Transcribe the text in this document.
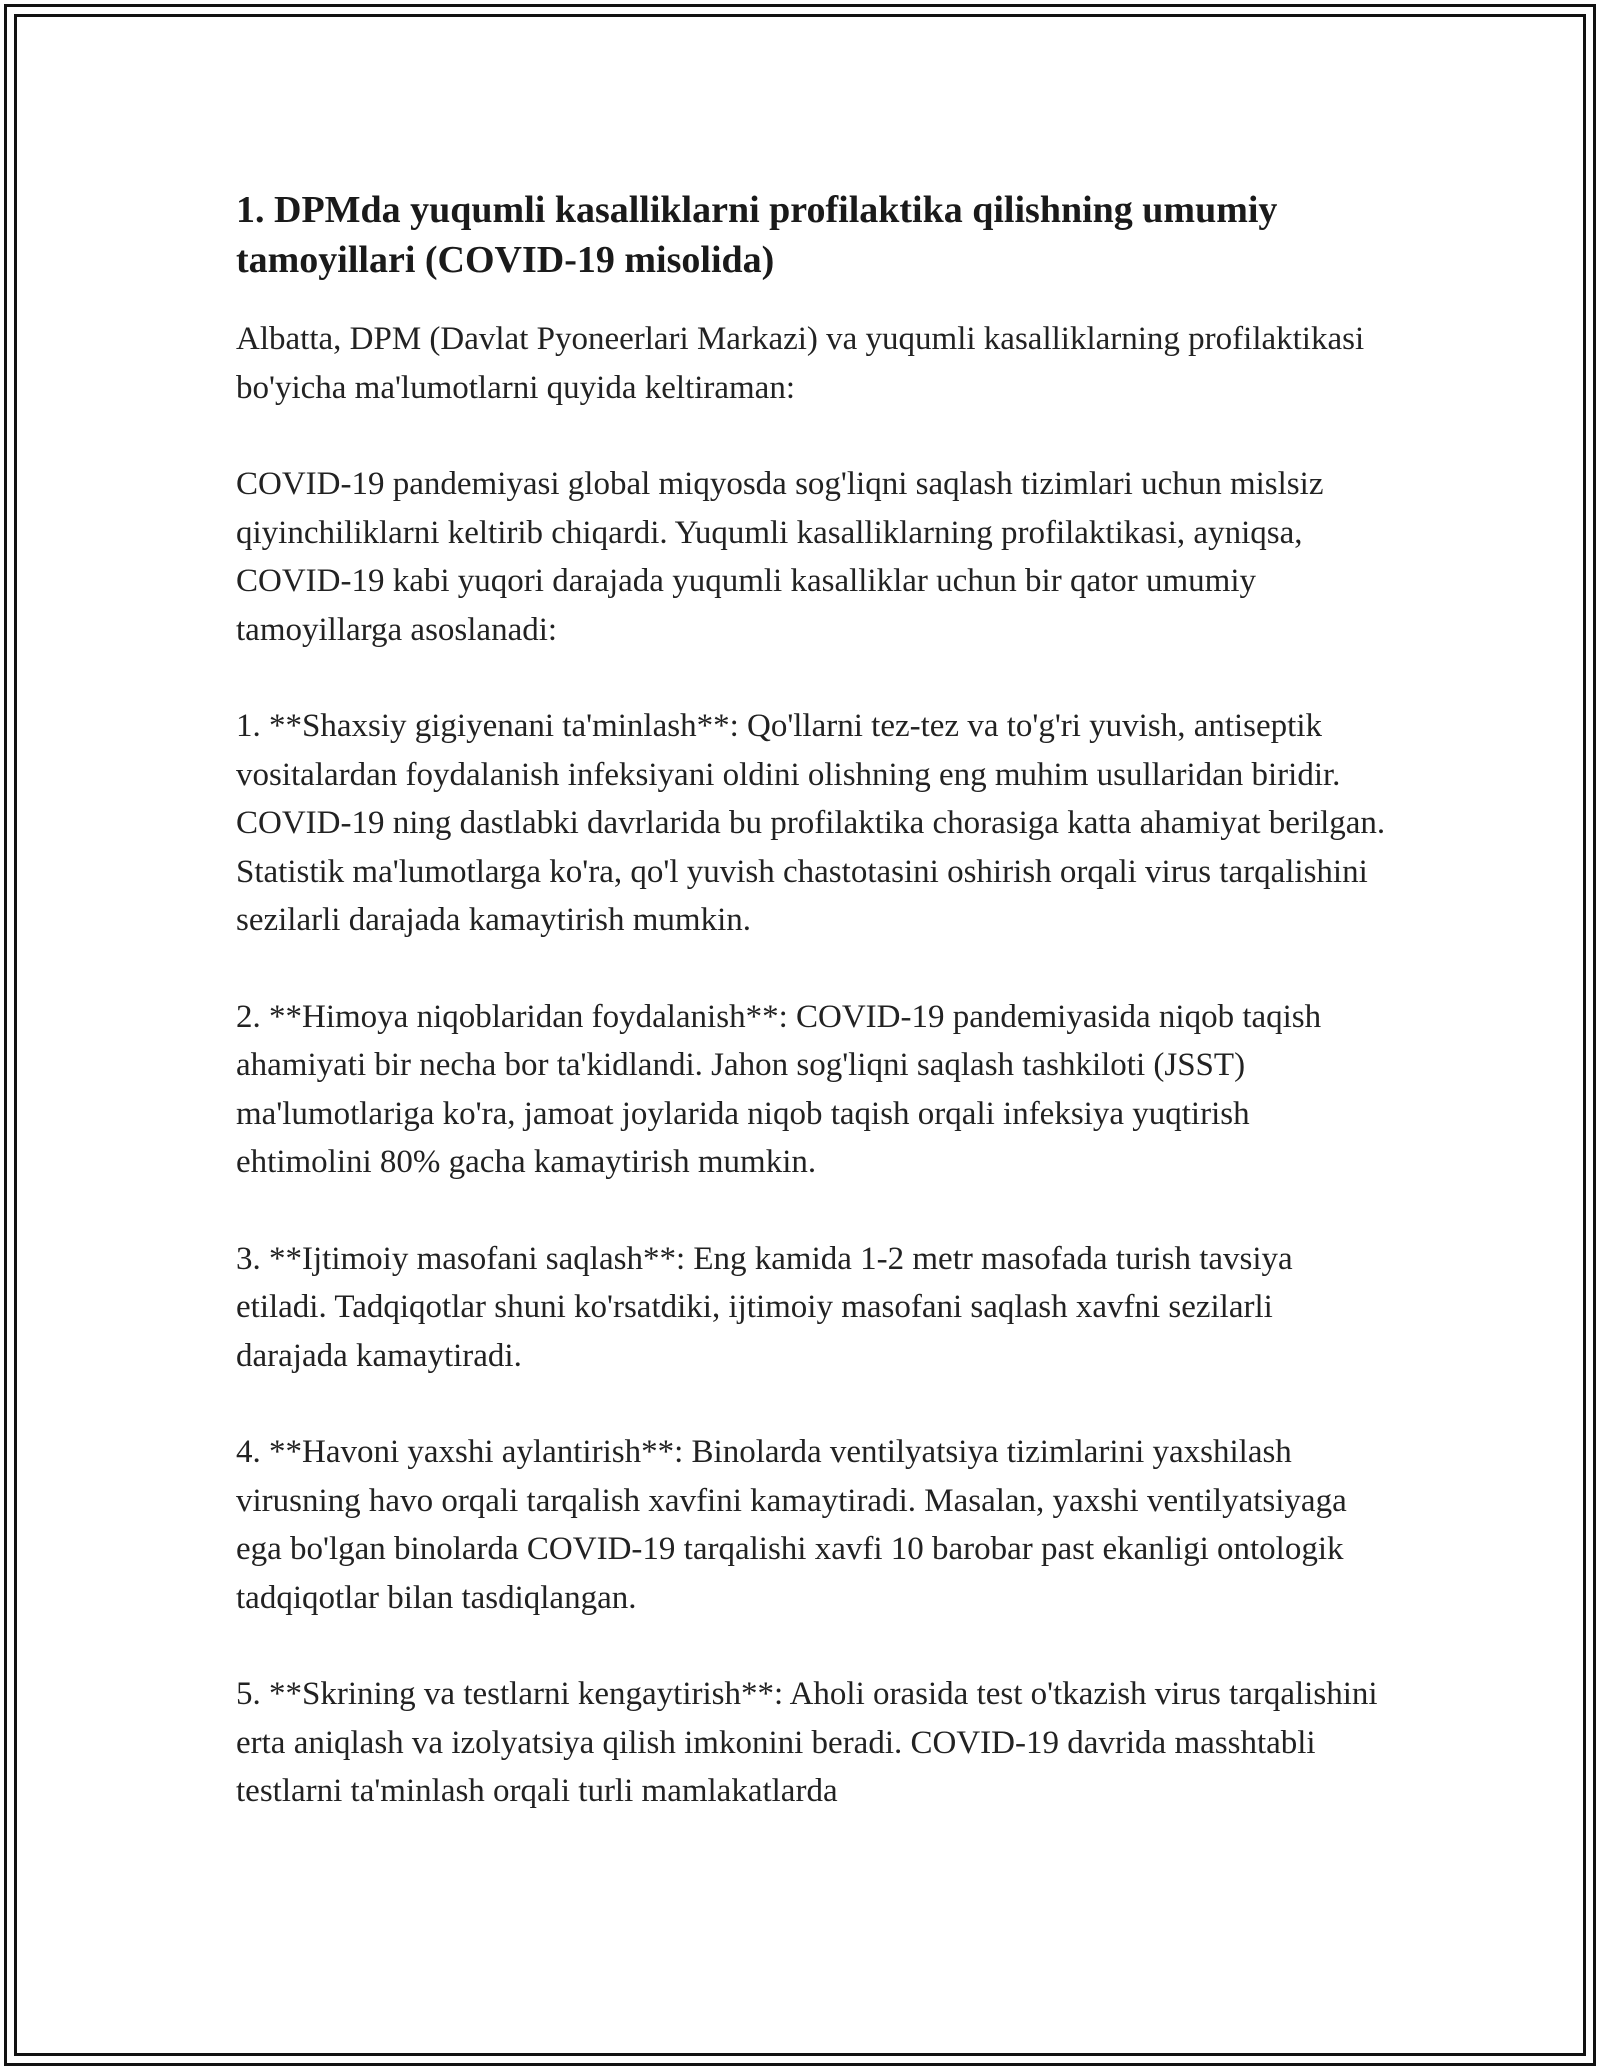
1. DPMda yuqumli kasalliklarni profilaktika qilishning umumiy tamoyillari (COVID-19 misolida)

Albatta, DPM (Davlat Pyoneerlari Markazi) va yuqumli kasalliklarning profilaktikasi bo'yicha ma'lumotlarni quyida keltiraman:

COVID-19 pandemiyasi global miqyosda sog'liqni saqlash tizimlari uchun mislsiz qiyinchiliklarni keltirib chiqardi. Yuqumli kasalliklarning profilaktikasi, ayniqsa, COVID-19 kabi yuqori darajada yuqumli kasalliklar uchun bir qator umumiy tamoyillarga asoslanadi:

1. **Shaxsiy gigiyenani ta'minlash**: Qo'llarni tez-tez va to'g'ri yuvish, antiseptik vositalardan foydalanish infeksiyani oldini olishning eng muhim usullaridan biridir. COVID-19 ning dastlabki davrlarida bu profilaktika chorasiga katta ahamiyat berilgan. Statistik ma'lumotlarga ko'ra, qo'l yuvish chastotasini oshirish orqali virus tarqalishini sezilarli darajada kamaytirish mumkin.

2. **Himoya niqoblaridan foydalanish**: COVID-19 pandemiyasida niqob taqish ahamiyati bir necha bor ta'kidlandi. Jahon sog'liqni saqlash tashkiloti (JSST) ma'lumotlariga ko'ra, jamoat joylarida niqob taqish orqali infeksiya yuqtirish ehtimolini 80% gacha kamaytirish mumkin.

3. **Ijtimoiy masofani saqlash**: Eng kamida 1-2 metr masofada turish tavsiya etiladi. Tadqiqotlar shuni ko'rsatdiki, ijtimoiy masofani saqlash xavfni sezilarli darajada kamaytiradi.

4. **Havoni yaxshi aylantirish**: Binolarda ventilyatsiya tizimlarini yaxshilash virusning havo orqali tarqalish xavfini kamaytiradi. Masalan, yaxshi ventilyatsiyaga ega bo'lgan binolarda COVID-19 tarqalishi xavfi 10 barobar past ekanligi ontologik tadqiqotlar bilan tasdiqlangan.

5. **Skrining va testlarni kengaytirish**: Aholi orasida test o'tkazish virus tarqalishini erta aniqlash va izolyatsiya qilish imkonini beradi. COVID-19 davrida masshtabli testlarni ta'minlash orqali turli mamlakatlarda
